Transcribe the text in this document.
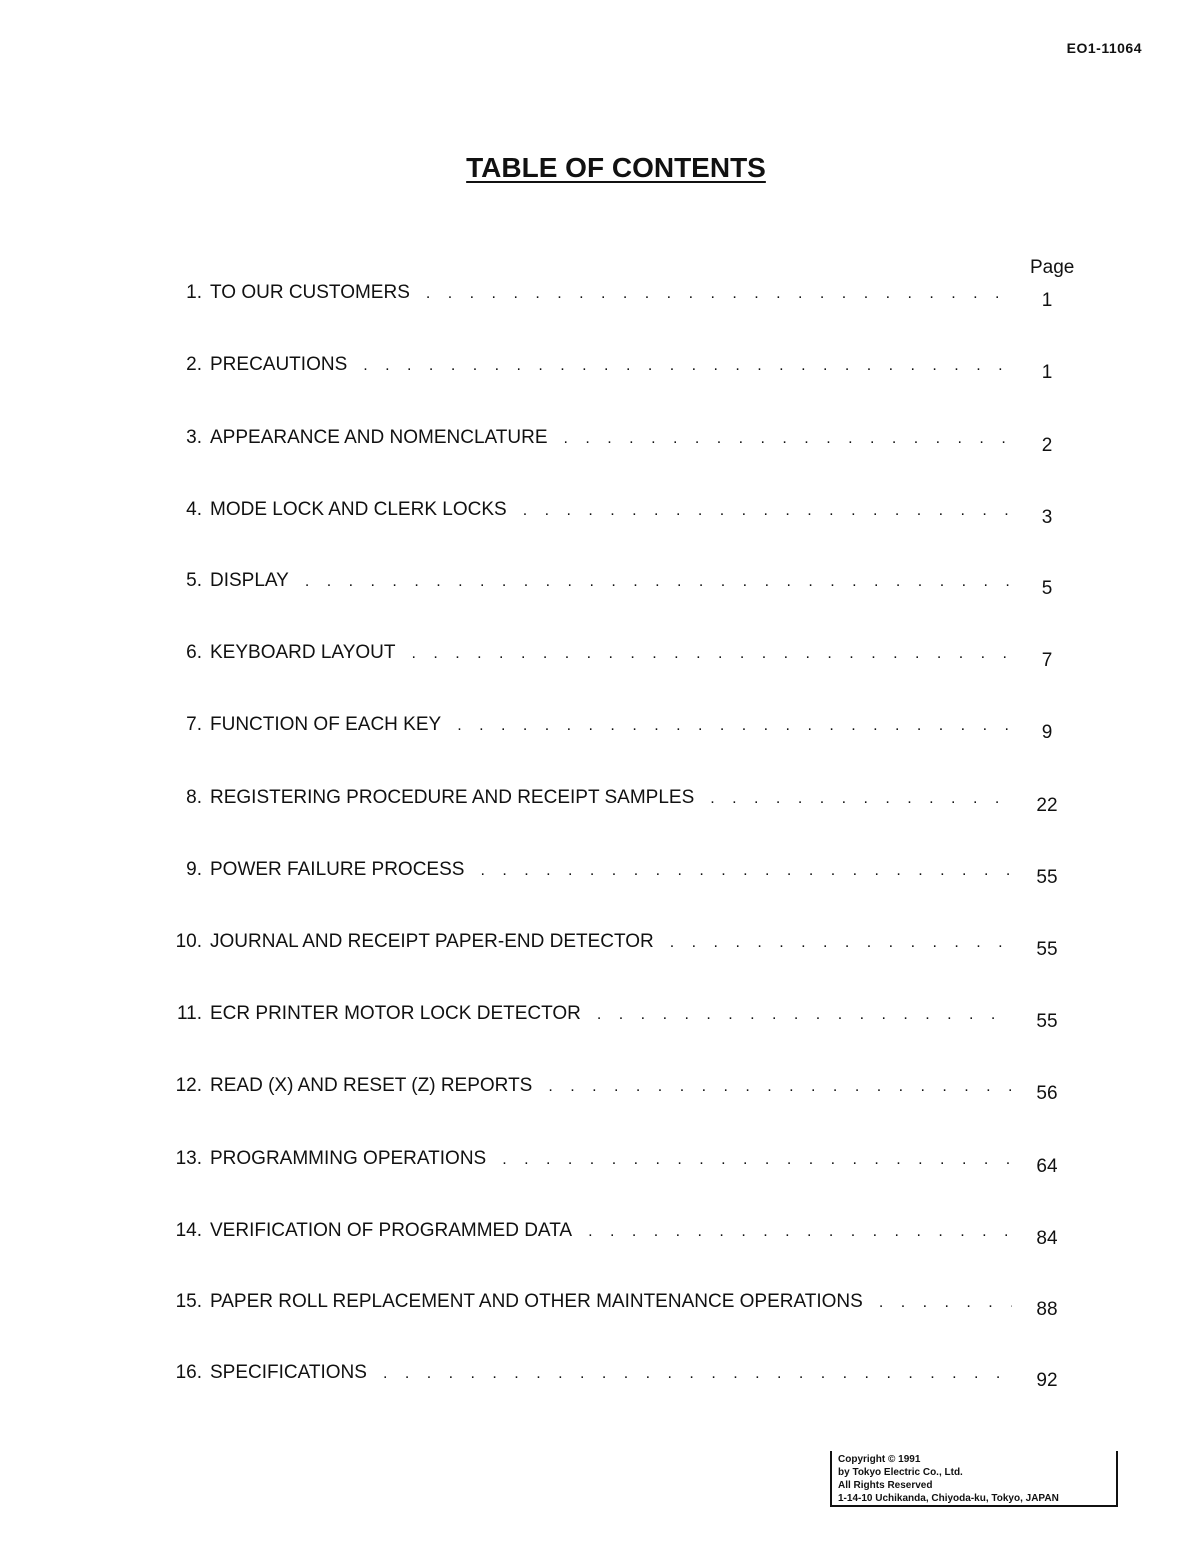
EO1-11064
TABLE OF CONTENTS
Page
1. TO OUR CUSTOMERS . . .	1
2. PRECAUTIONS . . .	1
3. APPEARANCE AND NOMENCLATURE . . .	2
4. MODE LOCK AND CLERK LOCKS . . .	3
5. DISPLAY . . .	5
6. KEYBOARD LAYOUT . . .	7
7. FUNCTION OF EACH KEY . . .	9
8. REGISTERING PROCEDURE AND RECEIPT SAMPLES . . .	22
9. POWER FAILURE PROCESS . . .	55
10. JOURNAL AND RECEIPT PAPER-END DETECTOR . . .	55
11. ECR PRINTER MOTOR LOCK DETECTOR . . .	55
12. READ (X) AND RESET (Z) REPORTS . . .	56
13. PROGRAMMING OPERATIONS . . .	64
14. VERIFICATION OF PROGRAMMED DATA . . .	84
15. PAPER ROLL REPLACEMENT AND OTHER MAINTENANCE OPERATIONS . . .	88
16. SPECIFICATIONS . . .	92
Copyright © 1991
by Tokyo Electric Co., Ltd.
All Rights Reserved
1-14-10 Uchikanda, Chiyoda-ku, Tokyo, JAPAN
